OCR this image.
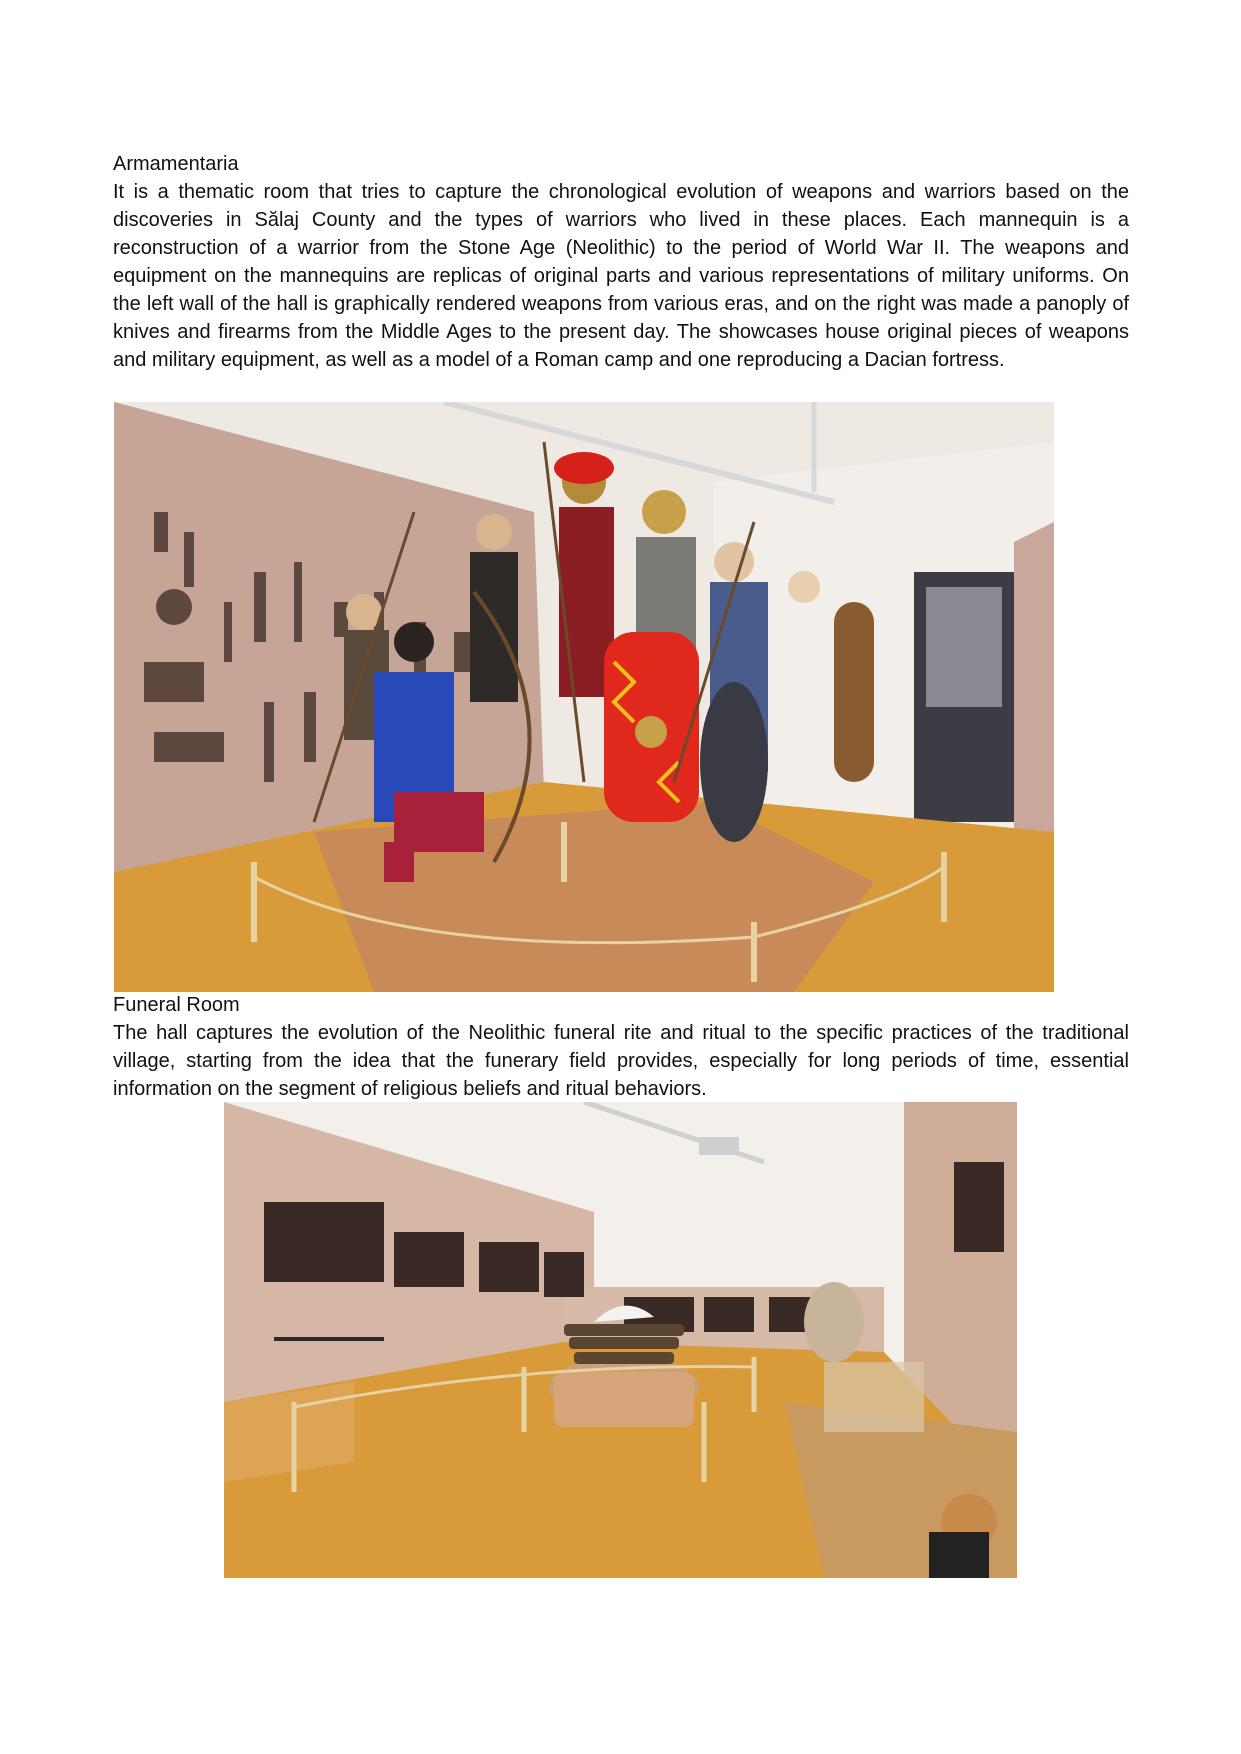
Armamentaria
It is a thematic room that tries to capture the chronological evolution of weapons and warriors based on the discoveries in Sălaj County and the types of warriors who lived in these places. Each mannequin is a reconstruction of a warrior from the Stone Age (Neolithic) to the period of World War II. The weapons and equipment on the mannequins are replicas of original parts and various representations of military uniforms. On the left wall of the hall is graphically rendered weapons from various eras, and on the right was made a panoply of knives and firearms from the Middle Ages to the present day. The showcases house original pieces of weapons and military equipment, as well as a model of a Roman camp and one reproducing a Dacian fortress.
Funeral Room
The hall captures the evolution of the Neolithic funeral rite and ritual to the specific practices of the traditional village, starting from the idea that the funerary field provides, especially for long periods of time, essential information on the segment of religious beliefs and ritual behaviors.
